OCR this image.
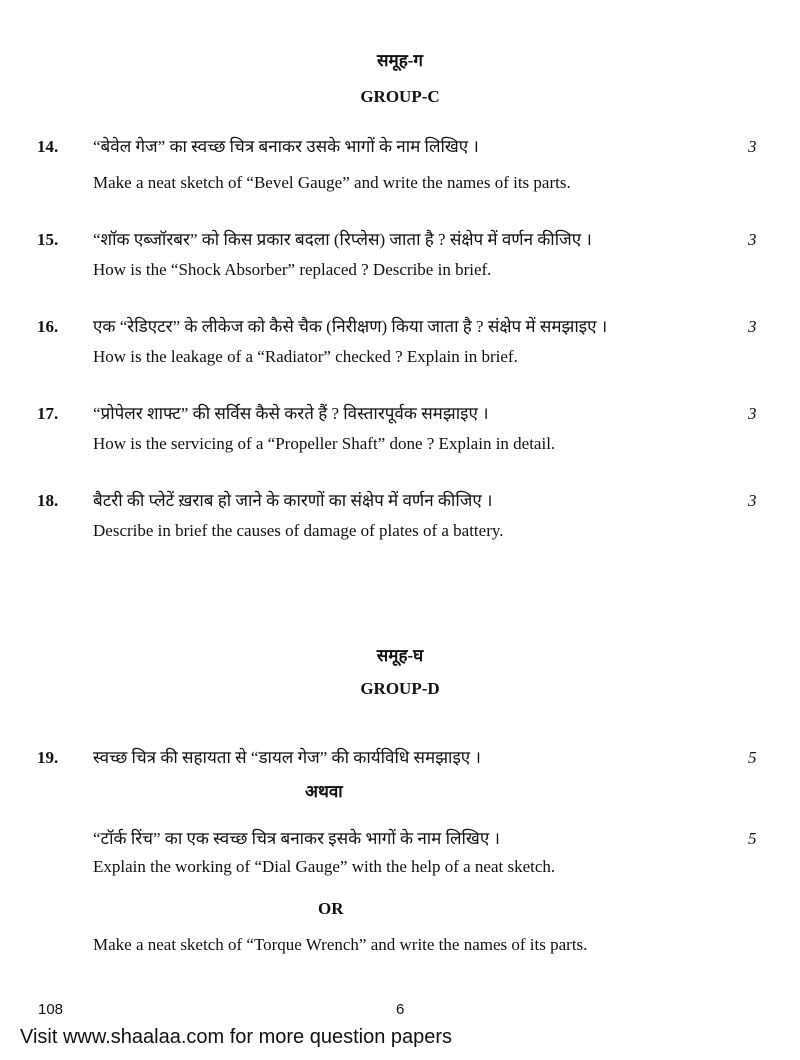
समूह-ग
GROUP-C
14.	“बेवेल गेज” का स्वच्छ चित्र बनाकर उसके भागों के नाम लिखिए ।	3
Make a neat sketch of “Bevel Gauge” and write the names of its parts.
15.	“शॉक एब्जॉरबर” को किस प्रकार बदला (रिप्लेस) जाता है ? संक्षेप में वर्णन कीजिए ।	3
How is the “Shock Absorber” replaced ? Describe in brief.
16.	एक “रेडिएटर” के लीकेज को कैसे चैक (निरीक्षण) किया जाता है ? संक्षेप में समझाइए ।	3
How is the leakage of a “Radiator” checked ? Explain in brief.
17.	“प्रोपेलर शाफ्ट” की सर्विस कैसे करते हैं ? विस्तारपूर्वक समझाइए ।	3
How is the servicing of a “Propeller Shaft” done ? Explain in detail.
18.	बैटरी की प्लेटें ख़राब हो जाने के कारणों का संक्षेप में वर्णन कीजिए ।	3
Describe in brief the causes of damage of plates of a battery.
समूह-घ
GROUP-D
19.	स्वच्छ चित्र की सहायता से “डायल गेज” की कार्यविधि समझाइए ।	5
अथवा
“टॉर्क रिंच” का एक स्वच्छ चित्र बनाकर इसके भागों के नाम लिखिए ।	5
Explain the working of “Dial Gauge” with the help of a neat sketch.
OR
Make a neat sketch of “Torque Wrench” and write the names of its parts.
108	6
Visit www.shaalaa.com for more question papers
